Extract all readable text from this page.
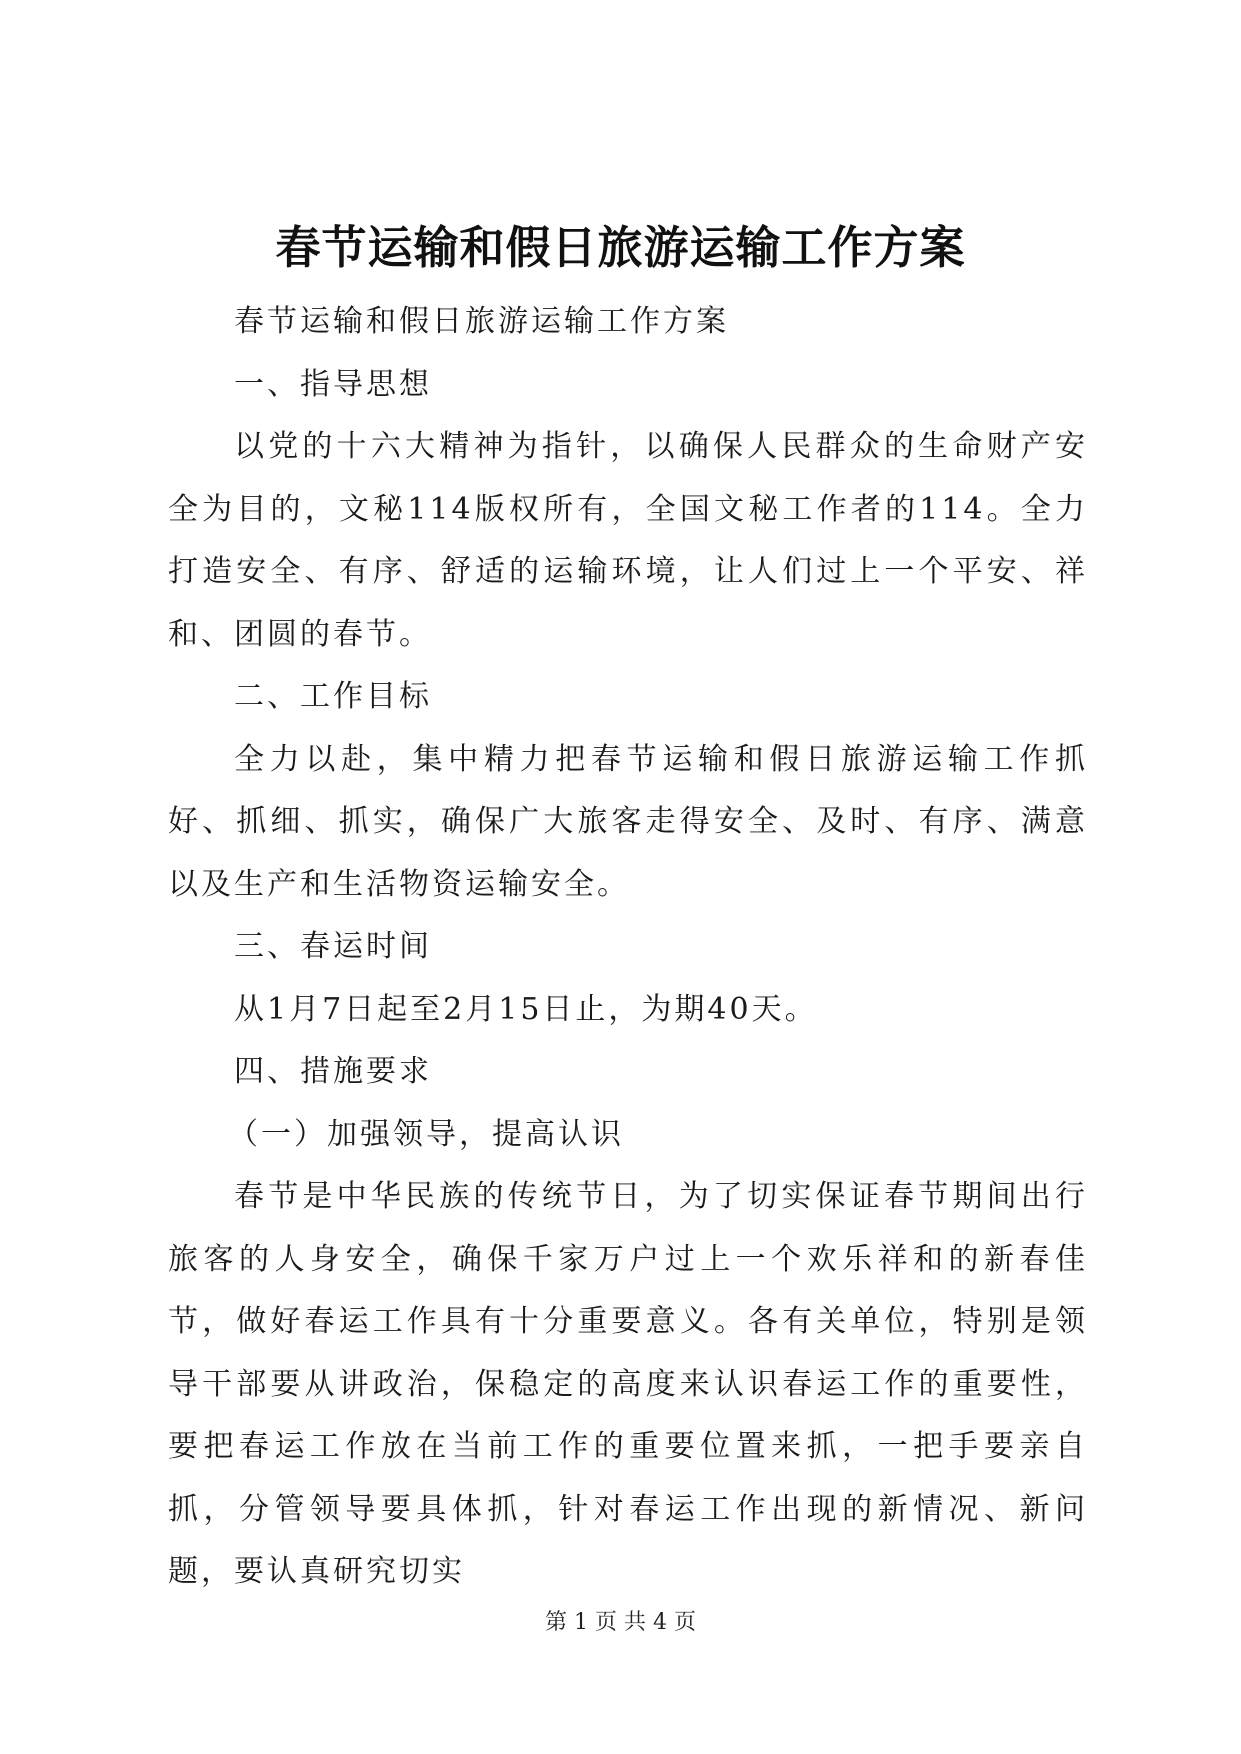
春节运输和假日旅游运输工作方案

春节运输和假日旅游运输工作方案

一、指导思想

以党的十六大精神为指针，以确保人民群众的生命财产安全为目的，文秘114版权所有，全国文秘工作者的114。全力打造安全、有序、舒适的运输环境，让人们过上一个平安、祥和、团圆的春节。

二、工作目标

全力以赴，集中精力把春节运输和假日旅游运输工作抓好、抓细、抓实，确保广大旅客走得安全、及时、有序、满意以及生产和生活物资运输安全。

三、春运时间

从1月7日起至2月15日止，为期40天。

四、措施要求

（一）加强领导，提高认识

春节是中华民族的传统节日，为了切实保证春节期间出行旅客的人身安全，确保千家万户过上一个欢乐祥和的新春佳节，做好春运工作具有十分重要意义。各有关单位，特别是领导干部要从讲政治，保稳定的高度来认识春运工作的重要性，要把春运工作放在当前工作的重要位置来抓，一把手要亲自抓，分管领导要具体抓，针对春运工作出现的新情况、新问题，要认真研究切实

第 1 页 共 4 页
